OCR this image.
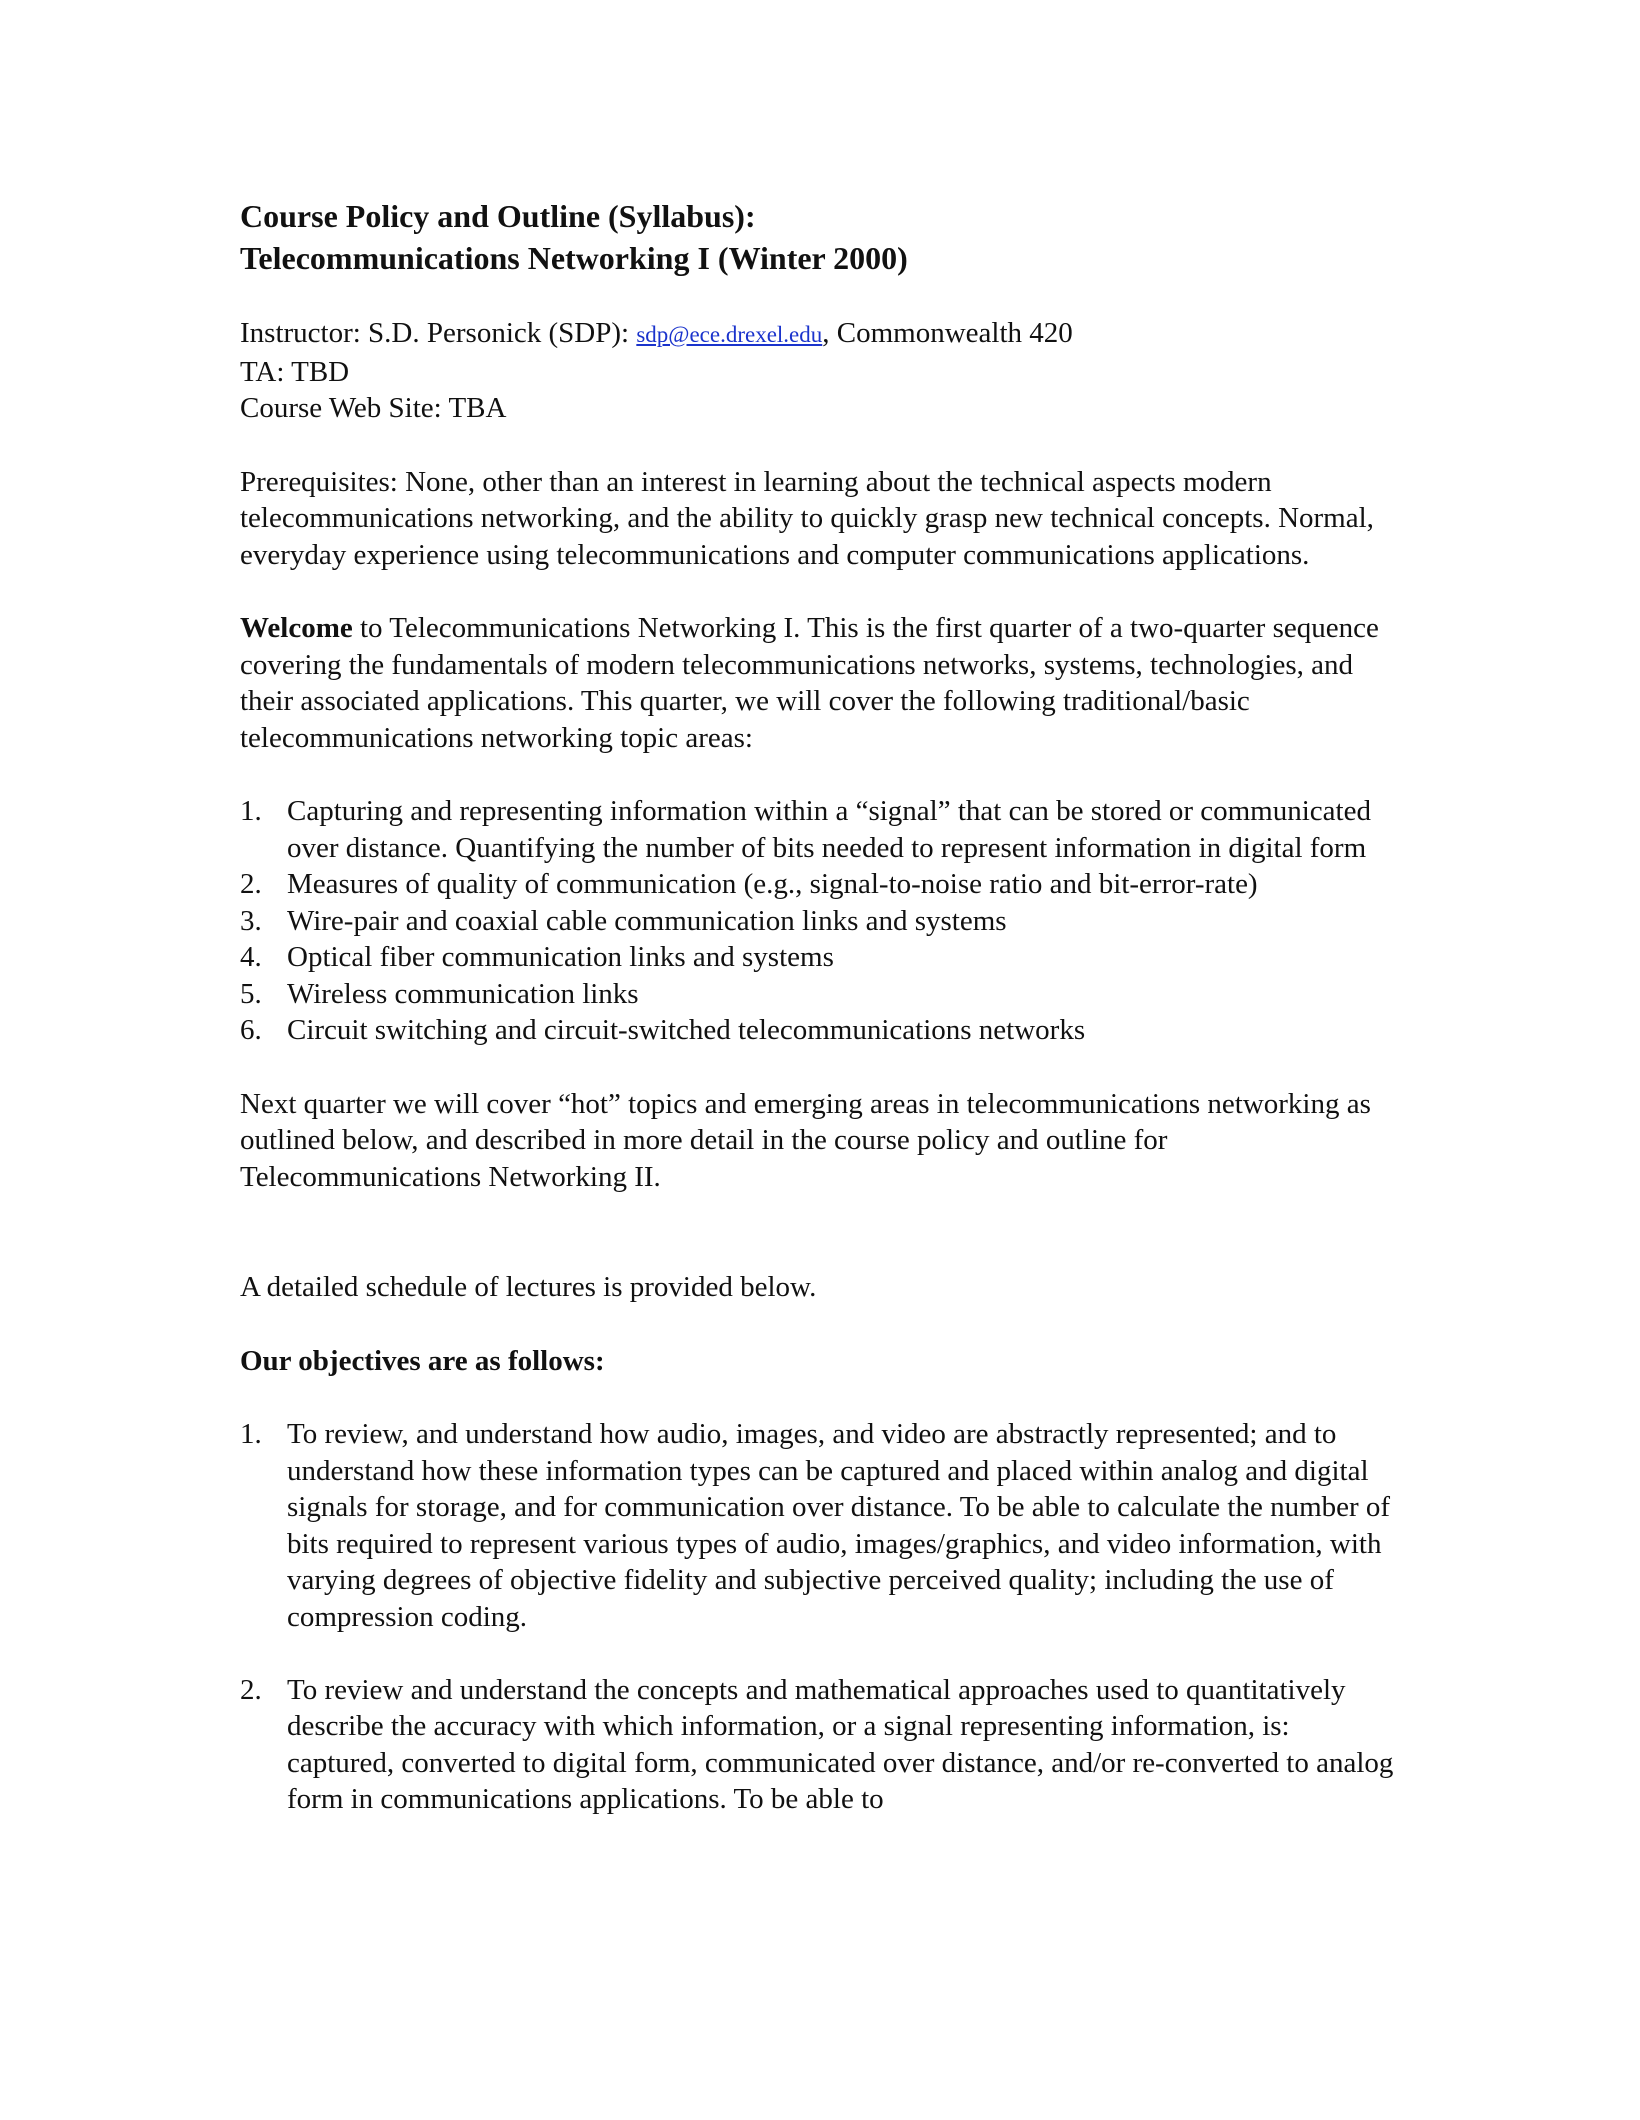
Course Policy and Outline (Syllabus):
Telecommunications Networking I (Winter 2000)
Instructor: S.D. Personick (SDP): sdp@ece.drexel.edu, Commonwealth 420
TA: TBD
Course Web Site: TBA

Prerequisites: None, other than an interest in learning about the technical aspects modern telecommunications networking, and the ability to quickly grasp new technical concepts. Normal, everyday experience using telecommunications and computer communications applications.

Welcome to Telecommunications Networking I. This is the first quarter of a two-quarter sequence covering the fundamentals of modern telecommunications networks, systems, technologies, and their associated applications. This quarter, we will cover the following traditional/basic telecommunications networking topic areas:

1. Capturing and representing information within a “signal” that can be stored or communicated over distance. Quantifying the number of bits needed to represent information in digital form
2. Measures of quality of communication (e.g., signal-to-noise ratio and bit-error-rate)
3. Wire-pair and coaxial cable communication links and systems
4. Optical fiber communication links and systems
5. Wireless communication links
6. Circuit switching and circuit-switched telecommunications networks

Next quarter we will cover “hot” topics and emerging areas in telecommunications networking as outlined below, and described in more detail in the course policy and outline for Telecommunications Networking II.

A detailed schedule of lectures is provided below.

Our objectives are as follows:

1. To review, and understand how audio, images, and video are abstractly represented; and to understand how these information types can be captured and placed within analog and digital signals for storage, and for communication over distance. To be able to calculate the number of bits required to represent various types of audio, images/graphics, and video information, with varying degrees of objective fidelity and subjective perceived quality; including the use of compression coding.
2. To review and understand the concepts and mathematical approaches used to quantitatively describe the accuracy with which information, or a signal representing information, is: captured, converted to digital form, communicated over distance, and/or re-converted to analog form in communications applications. To be able to
